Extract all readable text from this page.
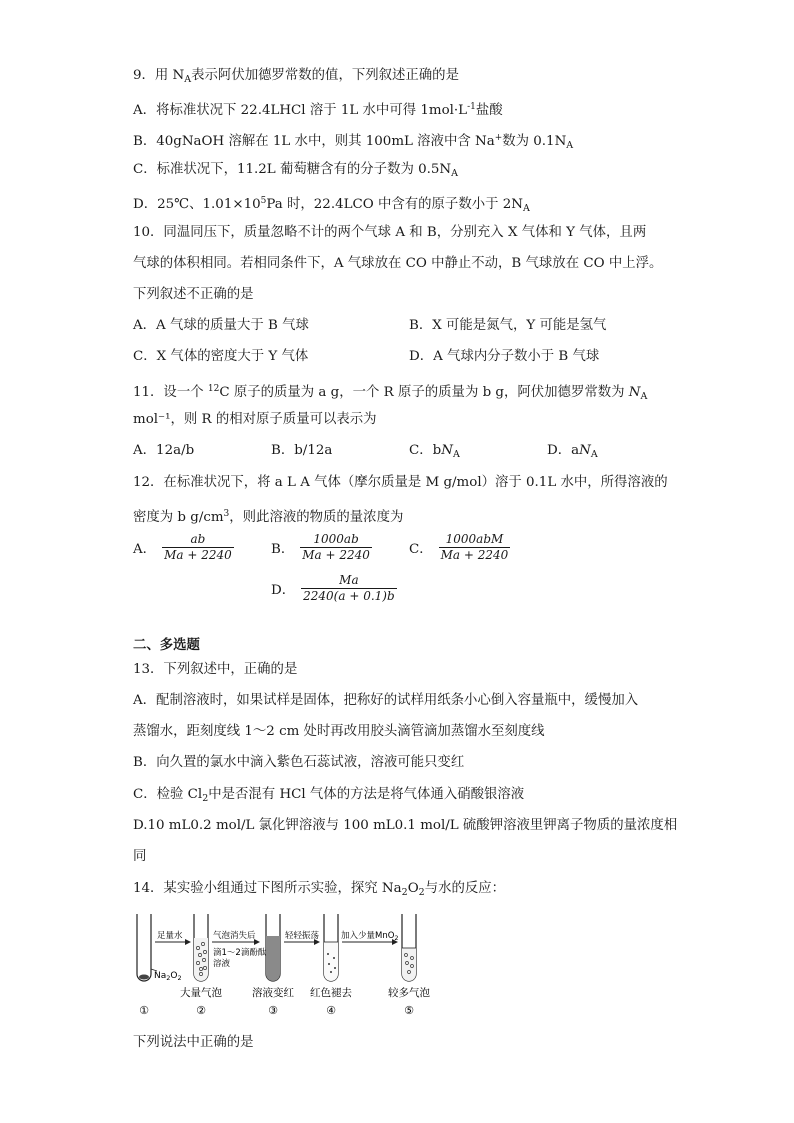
9．用 $N_A$表示阿伏加德罗常数的值，下列叙述正确的是
A．将标准状况下 22.4LHCl 溶于 1L 水中可得 $1mol\cdot L^{-1}$盐酸
B．40gNaOH 溶解在 1L 水中，则其 100mL 溶液中含 Na+数为 $0.1N_A$
C．标准状况下，11.2L 葡萄糖含有的分子数为 $0.5N_A$
D．25℃、$1.01\times 10^5Pa$ 时，22.4LCO 中含有的原子数小于 $2N_A$
10．同温同压下，质量忽略不计的两个气球 A 和 B，分别充入 X 气体和 Y 气体，且两
气球的体积相同。若相同条件下，A 气球放在 CO 中静止不动，B 气球放在 CO 中上浮。
下列叙述不正确的是
A．A 气球的质量大于 B 气球	B．X 可能是氮气，Y 可能是氢气
C．X 气体的密度大于 Y 气体	D．A 气球内分子数小于 B 气球
11．设一个 $^{12}$C 原子的质量为 a g，一个 R 原子的质量为 b g，阿伏加德罗常数为 $N_A$
mol⁻¹，则 R 的相对原子质量可以表示为
A．12a/b	B．b/12a	C．$bN_A$	D．$aN_A$
12．在标准状况下，将 a L A 气体（摩尔质量是 M g/mol）溶于 0.1L 水中，所得溶液的
密度为 b $g/cm^3$，则此溶液的物质的量浓度为
A． $\frac{ab}{Ma + 2240}$	B． $\frac{1000ab}{Ma + 2240}$	C． $\frac{\text{1000abM}}{Ma + 2240}$
D． $\frac{Ma}{2240(a + 0.1)b}$
二、多选题
13．下列叙述中，正确的是
A．配制溶液时，如果试样是固体，把称好的试样用纸条小心倒入容量瓶中，缓慢加入
蒸馏水，距刻度线 1～2 cm 处时再改用胶头滴管滴加蒸馏水至刻度线
B．向久置的氯水中滴入紫色石蕊试液，溶液可能只变红
C．检验 $Cl_2$中是否混有 HCl 气体的方法是将气体通入硝酸银溶液
D.10 mL0.2 mol/L 氯化钾溶液与 100 mL0.1 mol/L 硫酸钾溶液里钾离子物质的量浓度相
同
14．某实验小组通过下图所示实验，探究 $Na_2O_2$与水的反应：
$Na_2O_2$
足量水	气泡消失后
滴1～2滴酚酞
溶液
轻轻振荡	加入少量MnO$_2$
大量气泡	溶液变红 红色褪去	较多气泡
①	②	③	④	⑤
下列说法中正确的是
